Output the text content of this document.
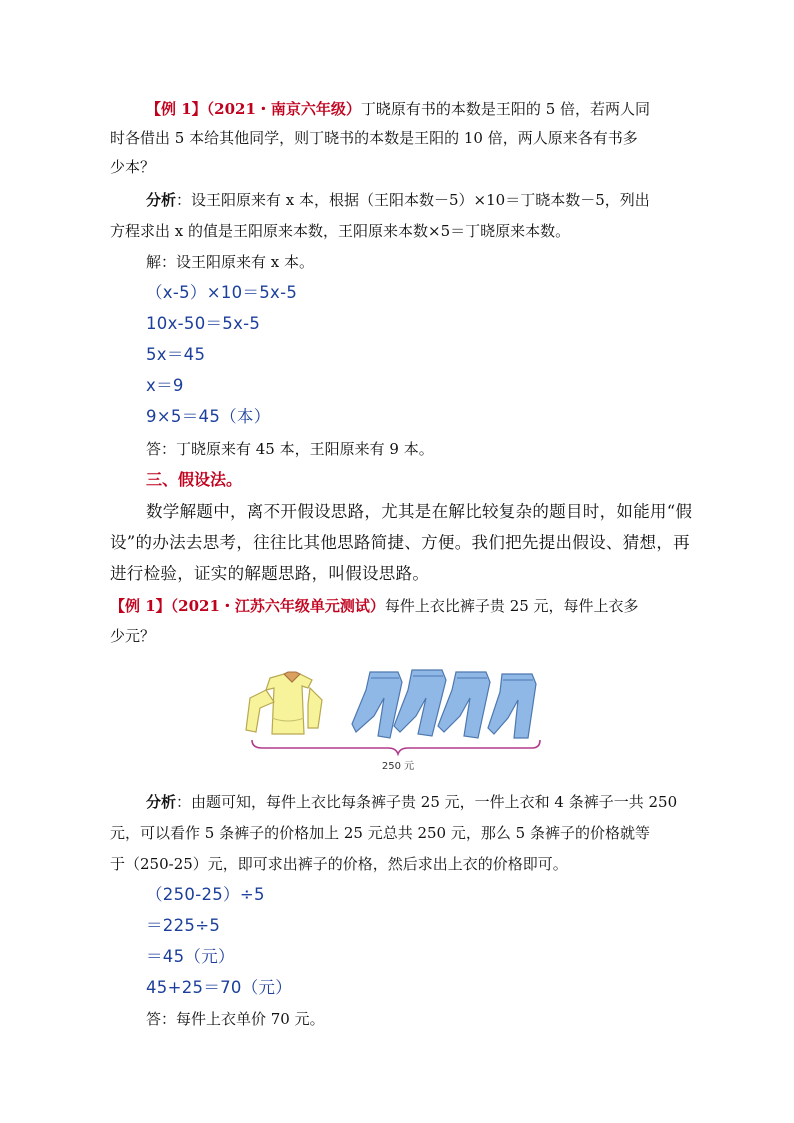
【例 1】（2021・南京六年级）丁晓原有书的本数是王阳的 5 倍，若两人同
时各借出 5 本给其他同学，则丁晓书的本数是王阳的 10 倍，两人原来各有书多
少本？
分析：设王阳原来有 x 本，根据（王阳本数－5）×10＝丁晓本数－5，列出
方程求出 x 的值是王阳原来本数，王阳原来本数×5＝丁晓原来本数。
解：设王阳原来有 x 本。
（x-5）×10＝5x-5
10x-50＝5x-5
5x＝45
x＝9
9×5＝45（本）
答：丁晓原来有 45 本，王阳原来有 9 本。
三、假设法。
数学解题中，离不开假设思路，尤其是在解比较复杂的题目时，如能用“假
设”的办法去思考，往往比其他思路简捷、方便。我们把先提出假设、猜想，再
进行检验，证实的解题思路，叫假设思路。
【例 1】（2021・江苏六年级单元测试）每件上衣比裤子贵 25 元，每件上衣多
少元？
250 元
分析：由题可知，每件上衣比每条裤子贵 25 元，一件上衣和 4 条裤子一共 250
元，可以看作 5 条裤子的价格加上 25 元总共 250 元，那么 5 条裤子的价格就等
于（250-25）元，即可求出裤子的价格，然后求出上衣的价格即可。
（250-25）÷5
＝225÷5
＝45（元）
45+25＝70（元）
答：每件上衣单价 70 元。
